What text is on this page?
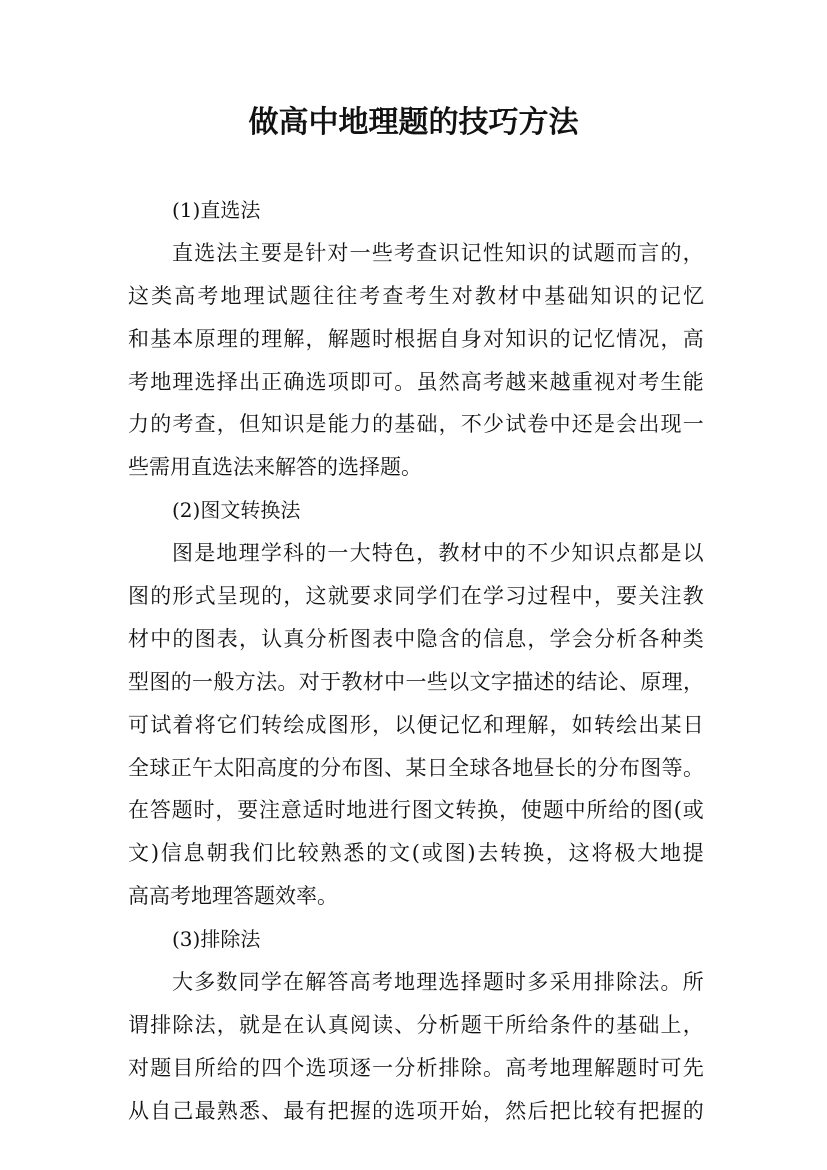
做高中地理题的技巧方法
(1)直选法
直 选 法 主 要 是 针 对 一 些 考 查 识 记 性 知 识 的 试 题 而 言 的 ，
这 类 高 考 地 理 试 题 往 往 考 查 考 生 对 教 材 中 基 础 知 识 的 记 忆
和 基 本 原 理 的 理 解 ， 解 题 时 根 据 自 身 对 知 识 的 记 忆 情 况 ， 高
考 地 理 选 择 出 正 确 选 项 即 可 。 虽 然 高 考 越 来 越 重 视 对 考 生 能
力 的 考 查 ， 但 知 识 是 能 力 的 基 础 ， 不 少 试 卷 中 还 是 会 出 现 一
些需用直选法来解答的选择题。
(2)图文转换法
图 是 地 理 学 科 的 一 大 特 色 ， 教 材 中 的 不 少 知 识 点 都 是 以
图 的 形 式 呈 现 的 ， 这 就 要 求 同 学 们 在 学 习 过 程 中 ， 要 关 注 教
材 中 的 图 表 ， 认 真 分 析 图 表 中 隐 含 的 信 息 ， 学 会 分 析 各 种 类
型 图 的 一 般 方 法 。 对 于 教 材 中 一 些 以 文 字 描 述 的 结 论 、 原 理 ，
可 试 着 将 它 们 转 绘 成 图 形 ， 以 便 记 忆 和 理 解 ， 如 转 绘 出 某 日
全 球 正 午 太 阳 高 度 的 分 布 图 、 某 日 全 球 各 地 昼 长 的 分 布 图 等 。
在 答 题 时 ， 要 注 意 适 时 地 进 行 图 文 转 换 ， 使 题 中 所 给 的 图 ( 或
文 ) 信 息 朝 我 们 比 较 熟 悉 的 文 ( 或 图 ) 去 转 换 ， 这 将 极 大 地 提
高高考地理答题效率。
(3)排除法
大 多 数 同 学 在 解 答 高 考 地 理 选 择 题 时 多 采 用 排 除 法 。 所
谓 排 除 法 ， 就 是 在 认 真 阅 读 、 分 析 题 干 所 给 条 件 的 基 础 上 ，
对 题 目 所 给 的 四 个 选 项 逐 一 分 析 排 除 。 高 考 地 理 解 题 时 可 先
从 自 己 最 熟 悉 、 最 有 把 握 的 选 项 开 始 ， 然 后 把 比 较 有 把 握 的
